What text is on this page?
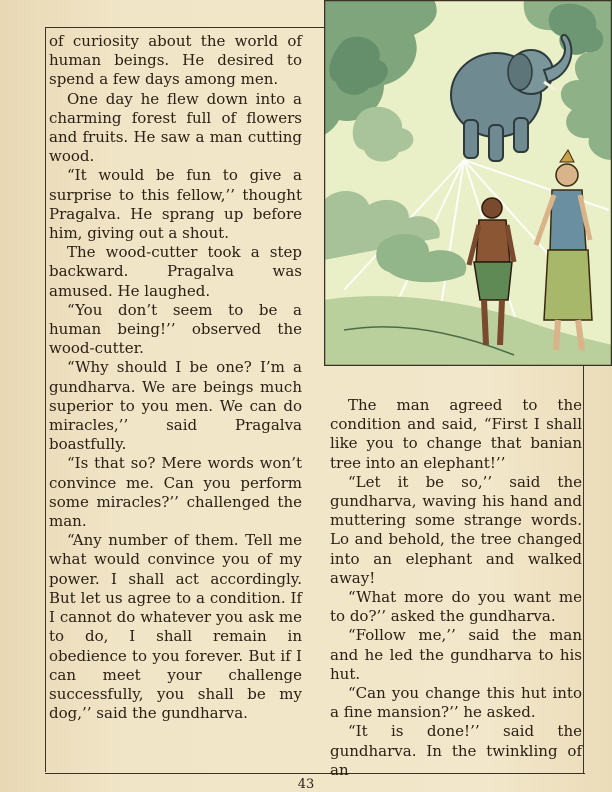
of curiosity about the world of human beings. He desired to spend a few days among men.

One day he flew down into a charming forest full of flowers and fruits. He saw a man cutting wood.

“It would be fun to give a surprise to this fellow,’’ thought Pragalva. He sprang up before him, giving out a shout.

The wood-cutter took a step backward. Pragalva was amused. He laughed.

“You don’t seem to be a human being!’’ observed the wood-cutter.

“Why should I be one? I’m a gundharva. We are beings much superior to you men. We can do miracles,’’ said Pragalva boastfully.

“Is that so? Mere words won’t convince me. Can you perform some miracles?’’ challenged the man.

“Any number of them. Tell me what would convince you of my power. I shall act accordingly. But let us agree to a condition. If I cannot do whatever you ask me to do, I shall remain in obedience to you forever. But if I can meet your challenge successfully, you shall be my dog,’’ said the gundharva.

The man agreed to the condition and said, “First I shall like you to change that banian tree into an elephant!’’

“Let it be so,’’ said the gundharva, waving his hand and muttering some strange words. Lo and behold, the tree changed into an elephant and walked away!

“What more do you want me to do?’’ asked the gundharva.

“Follow me,’’ said the man and he led the gundharva to his hut.

“Can you change this hut into a fine mansion?’’ he asked.

“It is done!’’ said the gundharva. In the twinkling of an

43
